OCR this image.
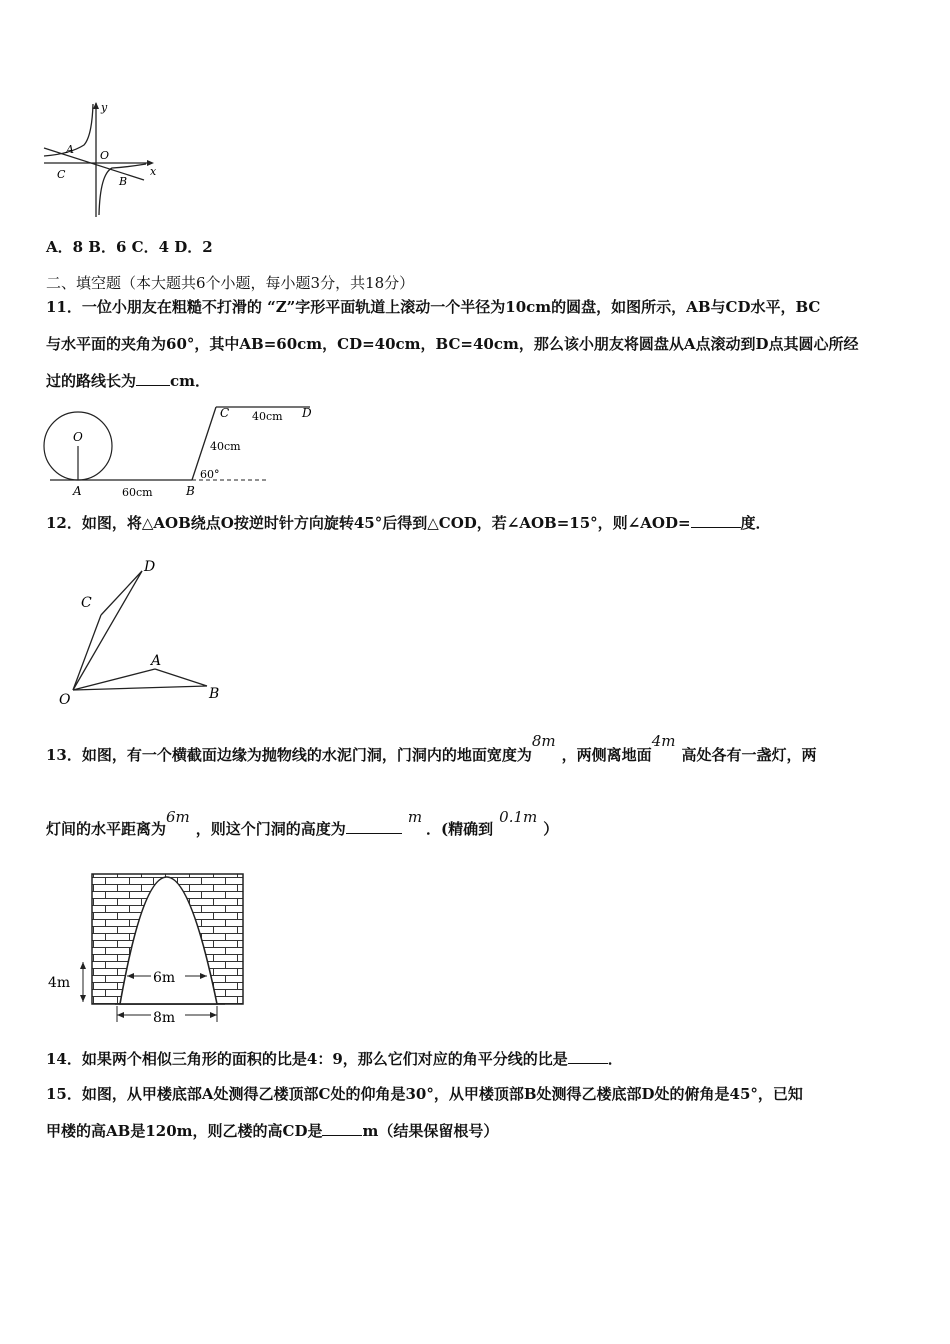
y
x
A O
C
B
A．8 B．6 C．4 D．2
二、填空题（本大题共6个小题，每小题3分，共18分）
11．一位小朋友在粗糙不打滑的 “Z”字形平面轨道上滚动一个半径为10cm的圆盘，如图所示，AB与CD水平，BC
与水平面的夹角为60°，其中AB=60cm，CD=40cm，BC=40cm，那么该小朋友将圆盘从A点滚动到D点其圆心所经
过的路线长为 cm．
O
A	B
C	D
60cm
40cm
40cm
60°
12．如图，将△AOB绕点O按逆时针方向旋转45°后得到△COD，若∠AOB=15°，则∠AOD=	度．
D
C
A
O	B
13．如图，有一个横截面边缘为抛物线的水泥门洞，门洞内的地面宽度为8m，两侧离地面4m高处各有一盏灯，两
灯间的水平距离为6m，则这个门洞的高度为m．(精确到0.1m）
6m
4m
8m
14．如果两个相似三角形的面积的比是4：9，那么它们对应的角平分线的比是	．
15．如图，从甲楼底部A处测得乙楼顶部C处的仰角是30°，从甲楼顶部B处测得乙楼底部D处的俯角是45°，已知
甲楼的高AB是120m，则乙楼的高CD是	m（结果保留根号）
